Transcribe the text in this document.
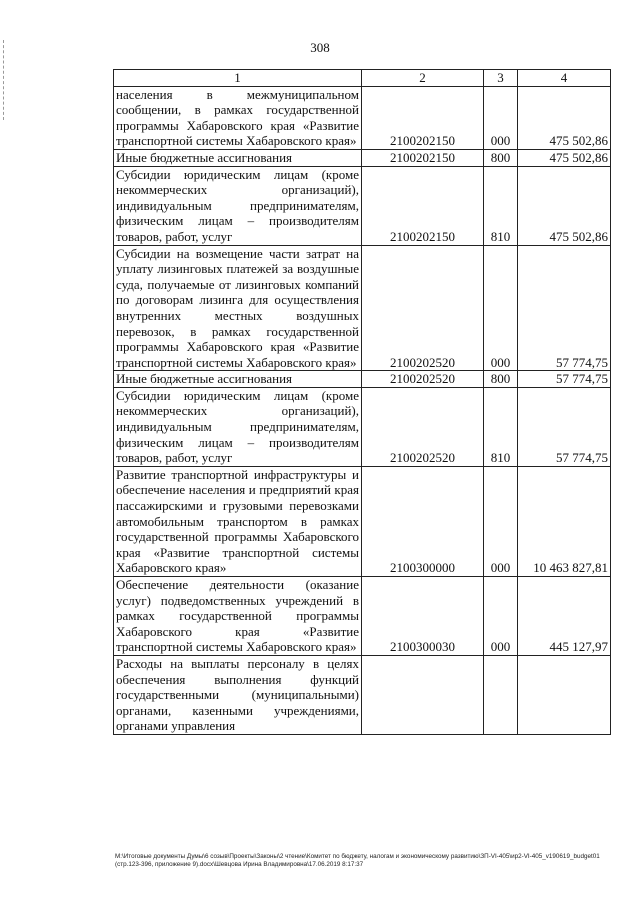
308
1	2	3	4
населения в межмуниципальном сообщении, в рамках государственной программы Хабаровского края «Развитие транспортной системы Хабаровского края»	2100202150	000	475 502,86
Иные бюджетные ассигнования	2100202150	800	475 502,86
Субсидии юридическим лицам (кроме некоммерческих организаций), индивидуальным предпринимателям, физическим лицам – производителям товаров, работ, услуг	2100202150	810	475 502,86
Субсидии на возмещение части затрат на уплату лизинговых платежей за воздушные суда, получаемые от лизинговых компаний по договорам лизинга для осуществления внутренних местных воздушных перевозок, в рамках государственной программы Хабаровского края «Развитие транспортной системы Хабаровского края»	2100202520	000	57 774,75
Иные бюджетные ассигнования	2100202520	800	57 774,75
Субсидии юридическим лицам (кроме некоммерческих организаций), индивидуальным предпринимателям, физическим лицам – производителям товаров, работ, услуг	2100202520	810	57 774,75
Развитие транспортной инфраструктуры и обеспечение населения и предприятий края пассажирскими и грузовыми перевозками автомобильным транспортом в рамках государственной программы Хабаровского края «Развитие транспортной системы Хабаровского края»	2100300000	000	10 463 827,81
Обеспечение деятельности (оказание услуг) подведомственных учреждений в рамках государственной программы Хабаровского края «Развитие транспортной системы Хабаровского края»	2100300030	000	445 127,97
Расходы на выплаты персоналу в целях обеспечения выполнения функций государственными (муниципальными) органами, казенными учреждениями, органами управления			
M:\Итоговые документы Думы\6 созыв\Проекты\Законы\2 чтение\Комитет по бюджету, налогам и экономическому развитию\ЗП-VI-405\ир2-VI-405_v190619_budget01 (стр.123-396, приложение 9).docx\Шевцова Ирина Владимировна\17.06.2019 8:17:37
